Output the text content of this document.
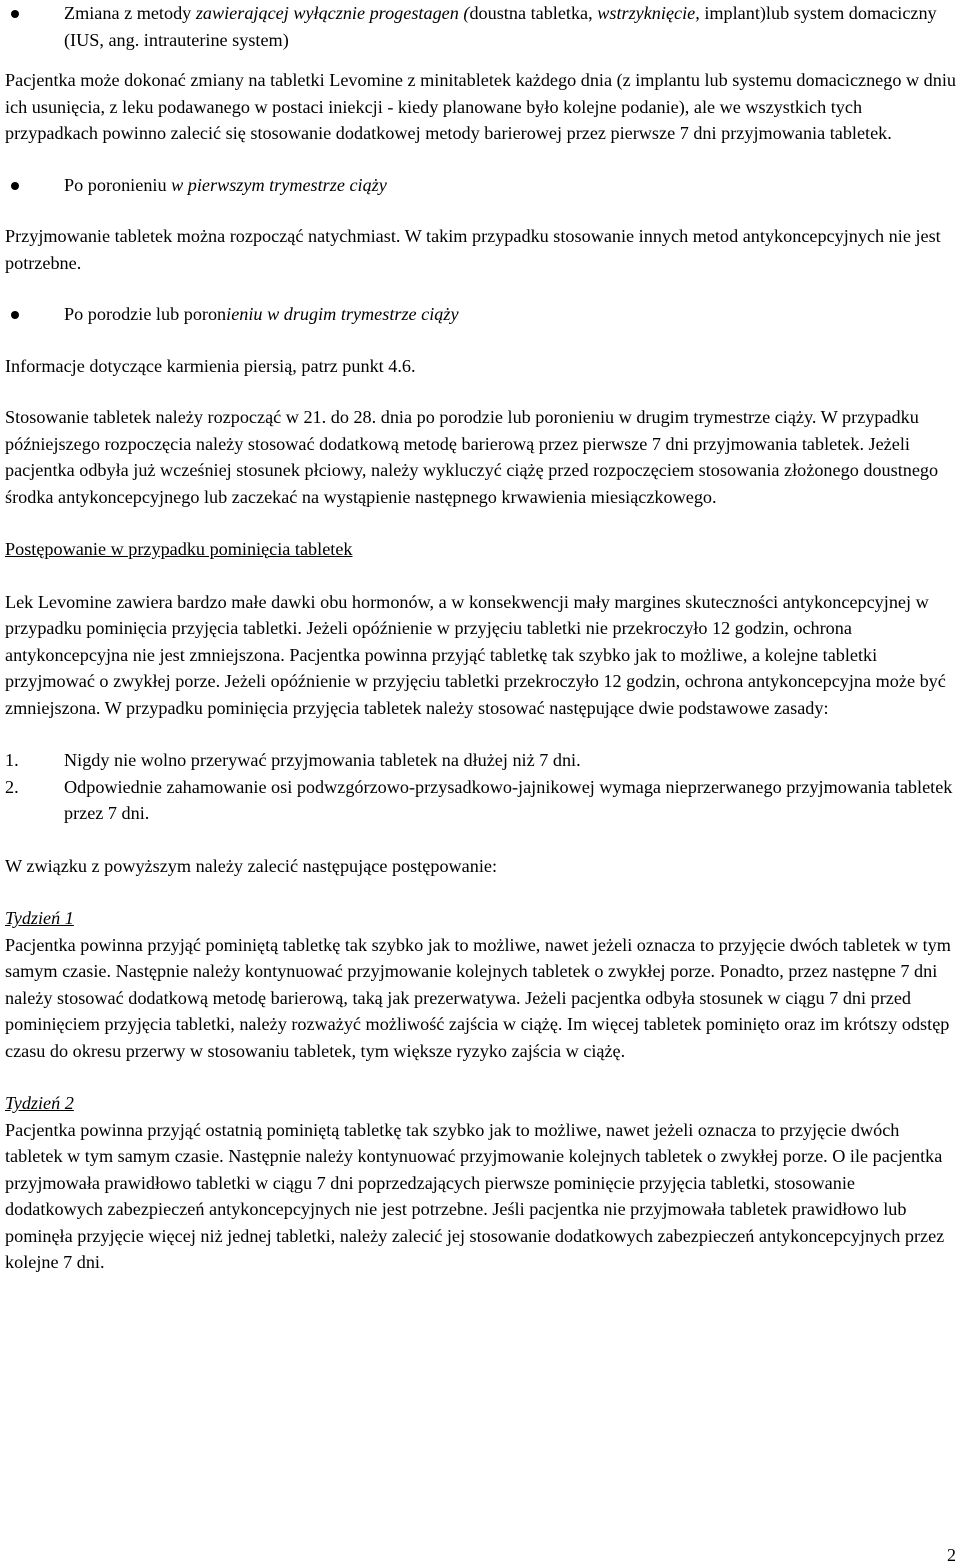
Zmiana z metody zawierającej wyłącznie progestagen (doustna tabletka, wstrzyknięcie, implant)lub system domaciczny (IUS, ang. intrauterine system)

Pacjentka może dokonać zmiany na tabletki Levomine z minitabletek każdego dnia (z implantu lub systemu domacicznego w dniu ich usunięcia, z leku podawanego w postaci iniekcji - kiedy planowane było kolejne podanie), ale we wszystkich tych przypadkach powinno zalecić się stosowanie dodatkowej metody barierowej przez pierwsze 7 dni przyjmowania tabletek.

Po poronieniu w pierwszym trymestrze ciąży

Przyjmowanie tabletek można rozpocząć natychmiast. W takim przypadku stosowanie innych metod antykoncepcyjnych nie jest potrzebne.

Po porodzie lub poronieniu w drugim trymestrze ciąży

Informacje dotyczące karmienia piersią, patrz punkt 4.6.

Stosowanie tabletek należy rozpocząć w 21. do 28. dnia po porodzie lub poronieniu w drugim trymestrze ciąży. W przypadku późniejszego rozpoczęcia należy stosować dodatkową metodę barierową przez pierwsze 7 dni przyjmowania tabletek. Jeżeli pacjentka odbyła już wcześniej stosunek płciowy, należy wykluczyć ciążę przed rozpoczęciem stosowania złożonego doustnego środka antykoncepcyjnego lub zaczekać na wystąpienie następnego krwawienia miesiączkowego.

Postępowanie w przypadku pominięcia tabletek

Lek Levomine zawiera bardzo małe dawki obu hormonów, a w konsekwencji mały margines skuteczności antykoncepcyjnej w przypadku pominięcia przyjęcia tabletki. Jeżeli opóźnienie w przyjęciu tabletki nie przekroczyło 12 godzin, ochrona antykoncepcyjna nie jest zmniejszona. Pacjentka powinna przyjąć tabletkę tak szybko jak to możliwe, a kolejne tabletki przyjmować o zwykłej porze. Jeżeli opóźnienie w przyjęciu tabletki przekroczyło 12 godzin, ochrona antykoncepcyjna może być zmniejszona. W przypadku pominięcia przyjęcia tabletek należy stosować następujące dwie podstawowe zasady:

1. Nigdy nie wolno przerywać przyjmowania tabletek na dłużej niż 7 dni.

2. Odpowiednie zahamowanie osi podwzgórzowo-przysadkowo-jajnikowej wymaga nieprzerwanego przyjmowania tabletek przez 7 dni.

W związku z powyższym należy zalecić następujące postępowanie:

Tydzień 1

Pacjentka powinna przyjąć pominiętą tabletkę tak szybko jak to możliwe, nawet jeżeli oznacza to przyjęcie dwóch tabletek w tym samym czasie. Następnie należy kontynuować przyjmowanie kolejnych tabletek o zwykłej porze. Ponadto, przez następne 7 dni należy stosować dodatkową metodę barierową, taką jak prezerwatywa. Jeżeli pacjentka odbyła stosunek w ciągu 7 dni przed pominięciem przyjęcia tabletki, należy rozważyć możliwość zajścia w ciążę. Im więcej tabletek pominięto oraz im krótszy odstęp czasu do okresu przerwy w stosowaniu tabletek, tym większe ryzyko zajścia w ciążę.

Tydzień 2

Pacjentka powinna przyjąć ostatnią pominiętą tabletkę tak szybko jak to możliwe, nawet jeżeli oznacza to przyjęcie dwóch tabletek w tym samym czasie. Następnie należy kontynuować przyjmowanie kolejnych tabletek o zwykłej porze. O ile pacjentka przyjmowała prawidłowo tabletki w ciągu 7 dni poprzedzających pierwsze pominięcie przyjęcia tabletki, stosowanie dodatkowych zabezpieczeń antykoncepcyjnych nie jest potrzebne. Jeśli pacjentka nie przyjmowała tabletek prawidłowo lub pominęła przyjęcie więcej niż jednej tabletki, należy zalecić jej stosowanie dodatkowych zabezpieczeń antykoncepcyjnych przez kolejne 7 dni.

2
